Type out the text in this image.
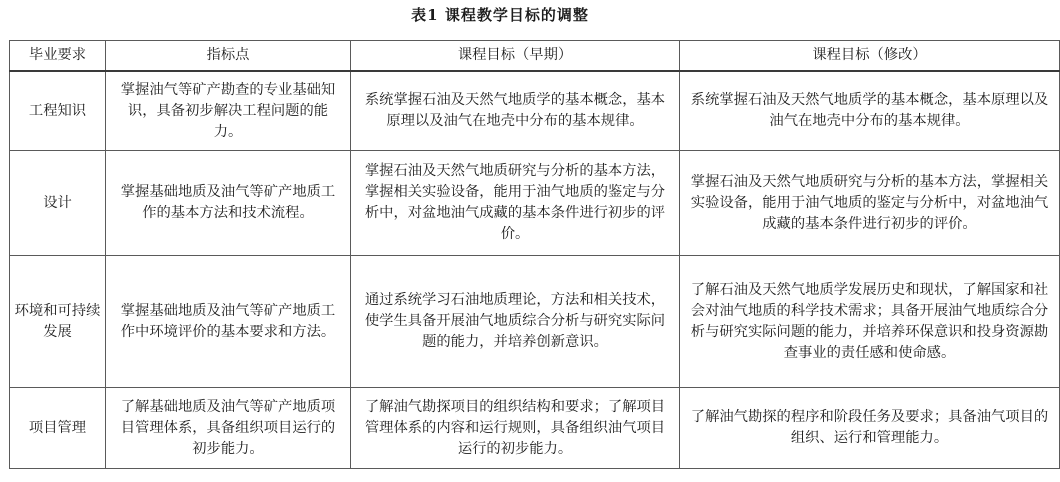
表1 课程教学目标的调整
毕业要求	指标点	课程目标（早期）	课程目标（修改）
工程知识	掌握油气等矿产勘查的专业基础知识，具备初步解决工程问题的能力。	系统掌握石油及天然气地质学的基本概念，基本原理以及油气在地壳中分布的基本规律。	系统掌握石油及天然气地质学的基本概念，基本原理以及油气在地壳中分布的基本规律。
设计	掌握基础地质及油气等矿产地质工作的基本方法和技术流程。	掌握石油及天然气地质研究与分析的基本方法，掌握相关实验设备，能用于油气地质的鉴定与分析中，对盆地油气成藏的基本条件进行初步的评价。	掌握石油及天然气地质研究与分析的基本方法，掌握相关实验设备，能用于油气地质的鉴定与分析中，对盆地油气成藏的基本条件进行初步的评价。
环境和可持续发展	掌握基础地质及油气等矿产地质工作中环境评价的基本要求和方法。	通过系统学习石油地质理论，方法和相关技术，使学生具备开展油气地质综合分析与研究实际问题的能力，并培养创新意识。	了解石油及天然气地质学发展历史和现状，了解国家和社会对油气地质的科学技术需求；具备开展油气地质综合分析与研究实际问题的能力，并培养环保意识和投身资源勘查事业的责任感和使命感。
项目管理	了解基础地质及油气等矿产地质项目管理体系，具备组织项目运行的初步能力。	了解油气勘探项目的组织结构和要求；了解项目管理体系的内容和运行规则，具备组织油气项目运行的初步能力。	了解油气勘探的程序和阶段任务及要求；具备油气项目的组织、运行和管理能力。
